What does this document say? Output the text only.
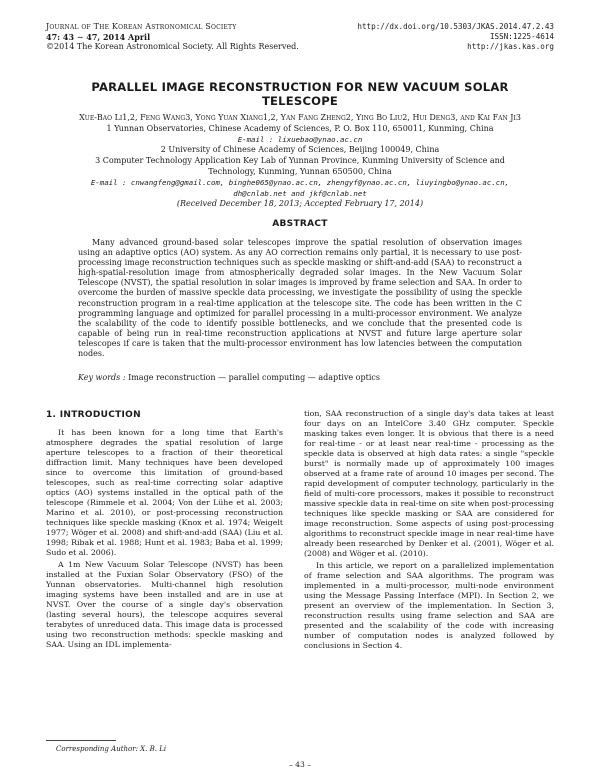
Journal of The Korean Astronomical Society
47: 43 ∼ 47, 2014 April
©2014 The Korean Astronomical Society. All Rights Reserved.
http://dx.doi.org/10.5303/JKAS.2014.47.2.43
ISSN:1225-4614
http://jkas.kas.org
PARALLEL IMAGE RECONSTRUCTION FOR NEW VACUUM SOLAR
TELESCOPE
Xue-Bao Li1,2, Feng Wang3, Yong Yuan Xiang1,2, Yan Fang Zheng2, Ying Bo Liu2, Hui Deng3, and Kai Fan Ji3
1 Yunnan Observatories, Chinese Academy of Sciences, P. O. Box 110, 650011, Kunming, China
E-mail : lixuebao@ynao.ac.cn
2 University of Chinese Academy of Sciences, Beijing 100049, China
3 Computer Technology Application Key Lab of Yunnan Province, Kunming University of Science and
Technology, Kunming, Yunnan 650500, China
E-mail : cnwangfeng@gmail.com, binghe065@ynao.ac.cn, zhengyf@ynao.ac.cn, liuyingbo@ynao.ac.cn,
dh@cnlab.net and jkf@cnlab.net
(Received December 18, 2013; Accepted February 17, 2014)
ABSTRACT
Many advanced ground-based solar telescopes improve the spatial resolution of observation images using an adaptive optics (AO) system. As any AO correction remains only partial, it is necessary to use post-processing image reconstruction techniques such as speckle masking or shift-and-add (SAA) to reconstruct a high-spatial-resolution image from atmospherically degraded solar images. In the New Vacuum Solar Telescope (NVST), the spatial resolution in solar images is improved by frame selection and SAA. In order to overcome the burden of massive speckle data processing, we investigate the possibility of using the speckle reconstruction program in a real-time application at the telescope site. The code has been written in the C programming language and optimized for parallel processing in a multi-processor environment. We analyze the scalability of the code to identify possible bottlenecks, and we conclude that the presented code is capable of being run in real-time reconstruction applications at NVST and future large aperture solar telescopes if care is taken that the multi-processor environment has low latencies between the computation nodes.
Key words : Image reconstruction — parallel computing — adaptive optics
1. INTRODUCTION

It has been known for a long time that Earth's atmosphere degrades the spatial resolution of large aperture telescopes to a fraction of their theoretical diffraction limit. Many techniques have been developed since to overcome this limitation of ground-based telescopes, such as real-time correcting solar adaptive optics (AO) systems installed in the optical path of the telescope (Rimmele et al. 2004; Von der Lühe et al. 2003; Marino et al. 2010), or post-processing reconstruction techniques like speckle masking (Knox et al. 1974; Weigelt 1977; Wöger et al. 2008) and shift-and-add (SAA) (Liu et al. 1998; Ribak et al. 1988; Hunt et al. 1983; Baba et al. 1999; Sudo et al. 2006).

A 1m New Vacuum Solar Telescope (NVST) has been installed at the Fuxian Solar Observatory (FSO) of the Yunnan observatories. Multi-channel high resolution imaging systems have been installed and are in use at NVST. Over the course of a single day's observation (lasting several hours), the telescope acquires several terabytes of unreduced data. This image data is processed using two reconstruction methods: speckle masking and SAA. Using an IDL implementa-

tion, SAA reconstruction of a single day's data takes at least four days on an IntelCore 3.40 GHz computer. Speckle masking takes even longer. It is obvious that there is a need for real-time - or at least near real-time - processing as the speckle data is observed at high data rates: a single "speckle burst" is normally made up of approximately 100 images observed at a frame rate of around 10 images per second. The rapid development of computer technology, particularly in the field of multi-core processors, makes it possible to reconstruct massive speckle data in real-time on site when post-processing techniques like speckle masking or SAA are considered for image reconstruction. Some aspects of using post-processing algorithms to reconstruct speckle image in near real-time have already been researched by Denker et al. (2001), Wöger et al. (2008) and Wöger et al. (2010).

In this article, we report on a parallelized implementation of frame selection and SAA algorithms. The program was implemented in a multi-processor, multi-node environment using the Message Passing Interface (MPI). In Section 2, we present an overview of the implementation. In Section 3, reconstruction results using frame selection and SAA are presented and the scalability of the code with increasing number of computation nodes is analyzed followed by conclusions in Section 4.

Corresponding Author: X. B. Li
– 43 –
